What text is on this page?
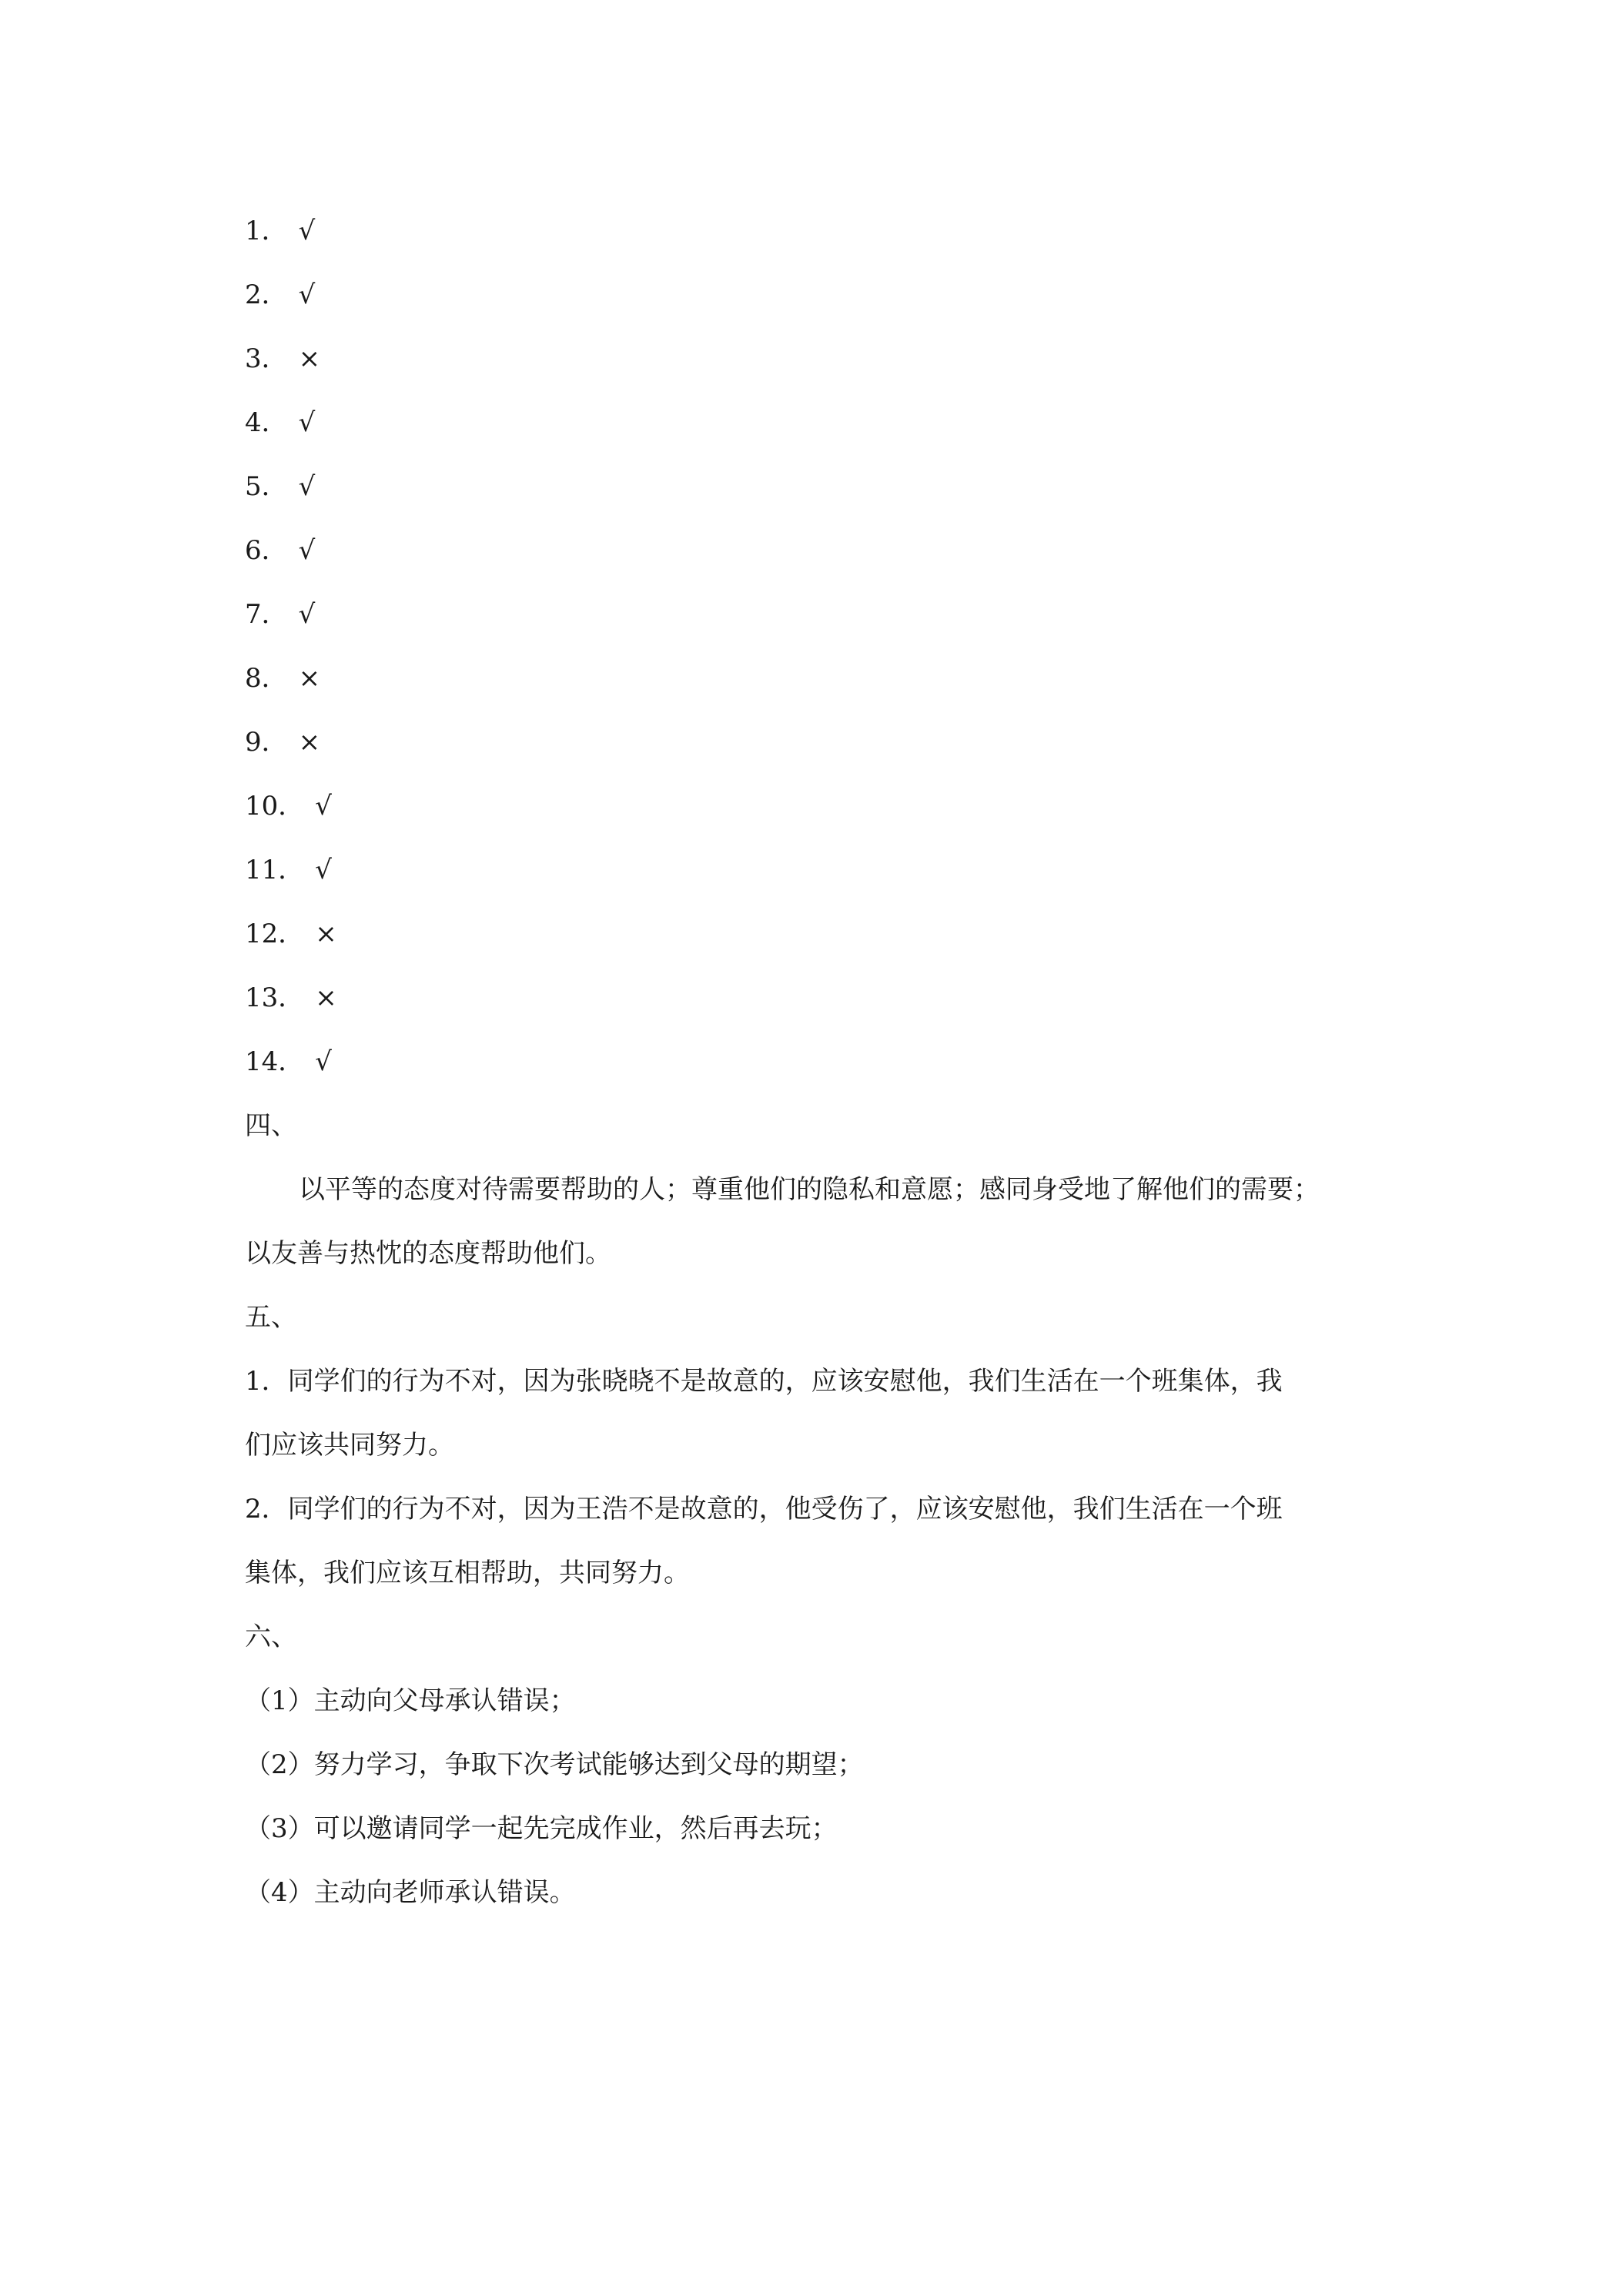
1． √
2． √
3． ×
4． √
5． √
6． √
7． √
8． ×
9． ×
10． √
11． √
12． ×
13． ×
14． √
四、
以平等的态度对待需要帮助的人；尊重他们的隐私和意愿；感同身受地了解他们的需要；
以友善与热忱的态度帮助他们。
五、
1．同学们的行为不对，因为张晓晓不是故意的，应该安慰他，我们生活在一个班集体，我
们应该共同努力。
2．同学们的行为不对，因为王浩不是故意的，他受伤了，应该安慰他，我们生活在一个班
集体，我们应该互相帮助，共同努力。
六、
（1）主动向父母承认错误；
（2）努力学习，争取下次考试能够达到父母的期望；
（3）可以邀请同学一起先完成作业，然后再去玩；
（4）主动向老师承认错误。
